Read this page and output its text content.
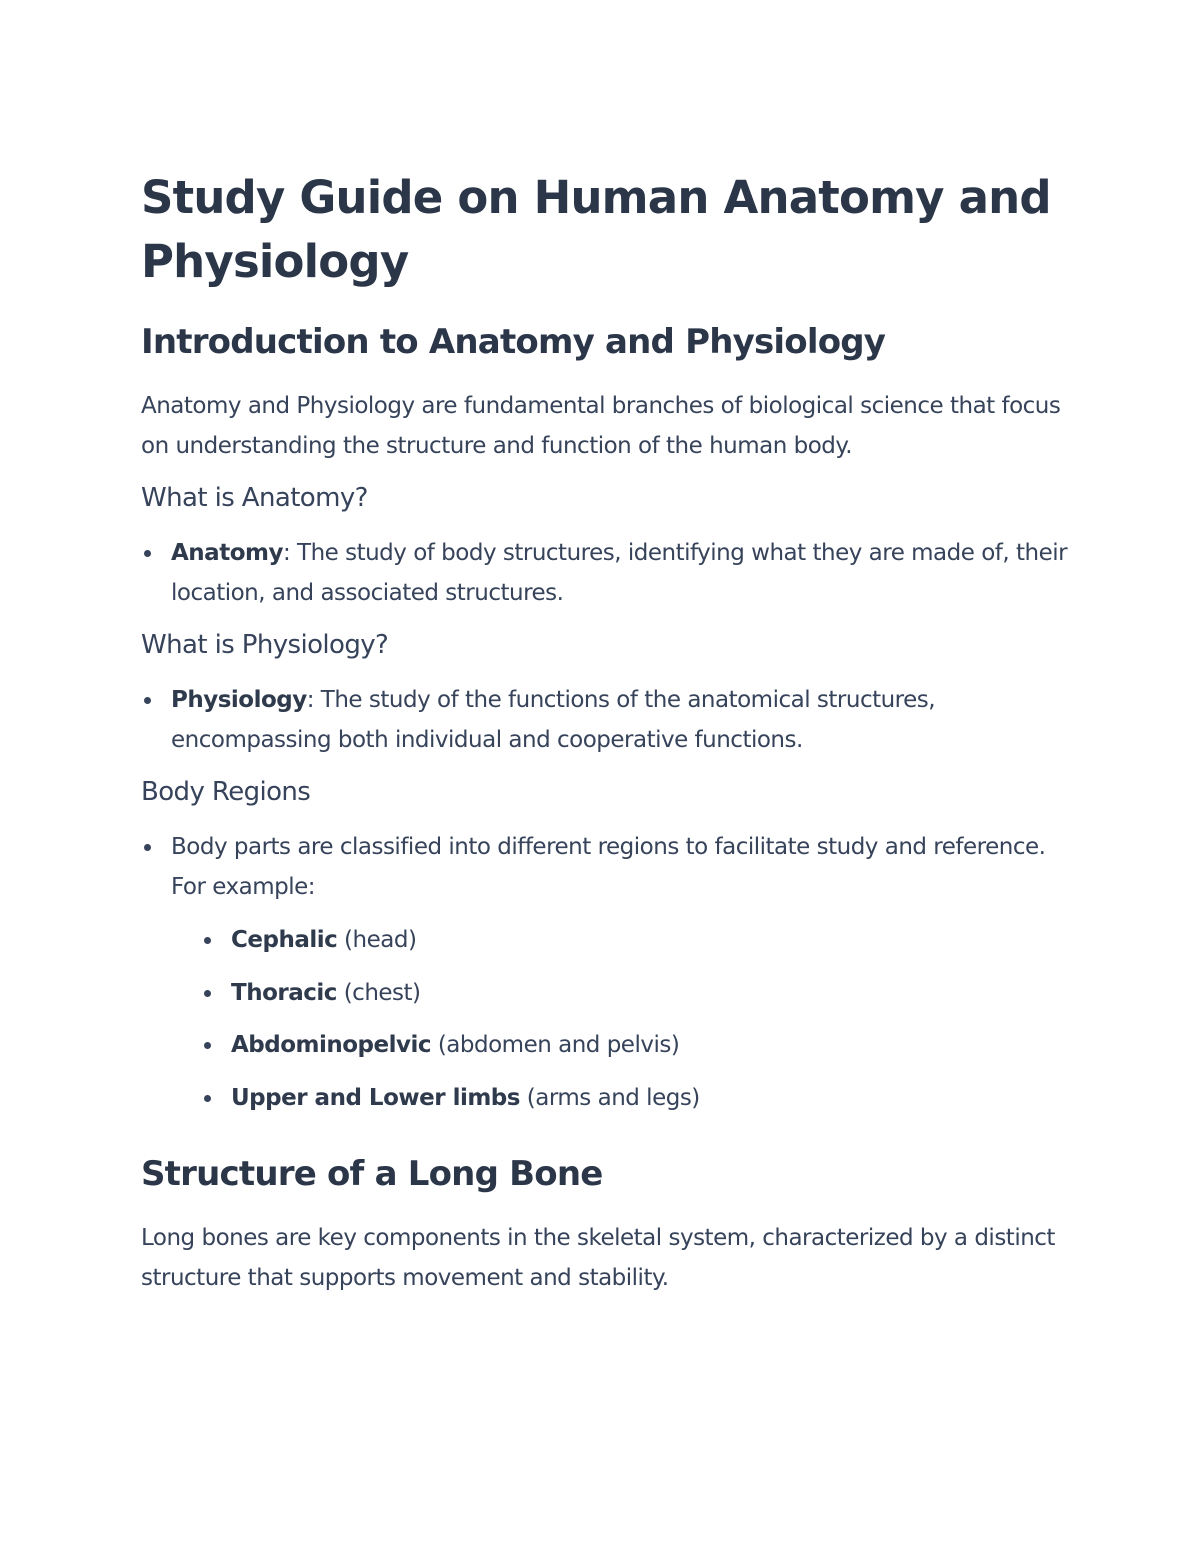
Study Guide on Human Anatomy and Physiology
Introduction to Anatomy and Physiology

Anatomy and Physiology are fundamental branches of biological science that focus on understanding the structure and function of the human body.

What is Anatomy?
Anatomy: The study of body structures, identifying what they are made of, their location, and associated structures.
What is Physiology?
Physiology: The study of the functions of the anatomical structures, encompassing both individual and cooperative functions.
Body Regions
Body parts are classified into different regions to facilitate study and reference. For example:
Cephalic (head)
Thoracic (chest)
Abdominopelvic (abdomen and pelvis)
Upper and Lower limbs (arms and legs)
Structure of a Long Bone

Long bones are key components in the skeletal system, characterized by a distinct structure that supports movement and stability.
